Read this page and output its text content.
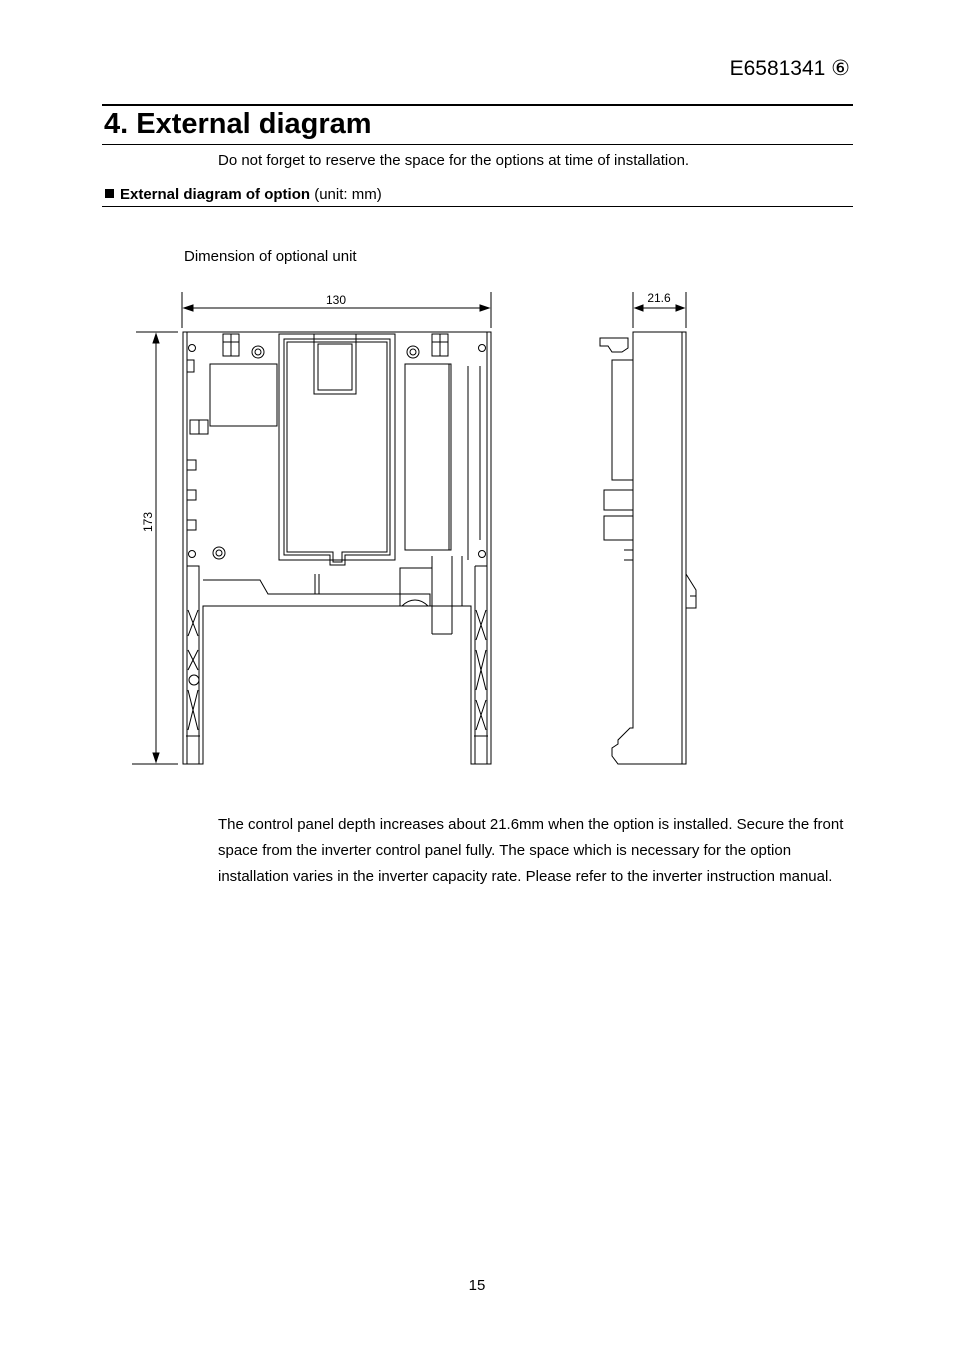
E6581341 ⑥
4. External diagram
Do not forget to reserve the space for the options at time of installation.
External diagram of option (unit: mm)
Dimension of optional unit
130	21.6
173
The control panel depth increases about 21.6mm when the option is installed. Secure the front space from the inverter control panel fully. The space which is necessary for the option installation varies in the inverter capacity rate. Please refer to the inverter instruction manual.
15
